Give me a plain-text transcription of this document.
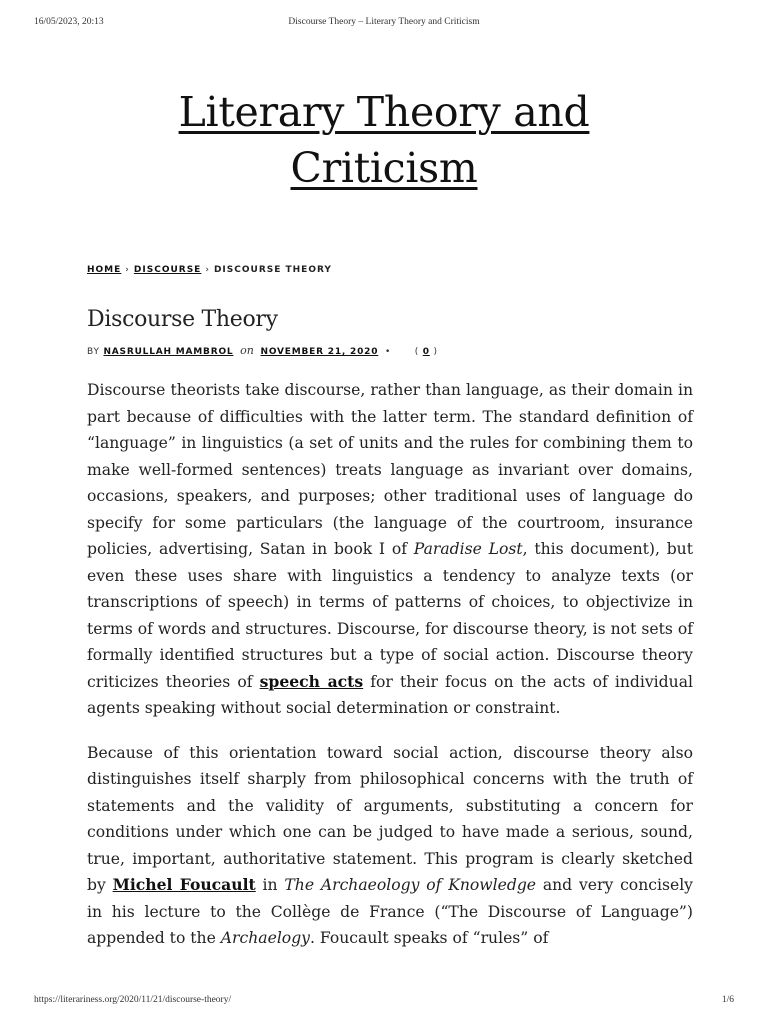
16/05/2023, 20:13	Discourse Theory – Literary Theory and Criticism
Literary Theory and
Criticism
HOME › DISCOURSE › DISCOURSE THEORY
Discourse Theory
BY NASRULLAH MAMBROL on NOVEMBER 21, 2020 •	( 0 )

Discourse theorists take discourse, rather than language, as their domain in part because of difficulties with the latter term. The standard definition of “language” in linguistics (a set of units and the rules for combining them to make well-formed sentences) treats language as invariant over domains, occasions, speakers, and purposes; other traditional uses of language do specify for some particulars (the language of the courtroom, insurance policies, advertising, Satan in book I of Paradise Lost, this document), but even these uses share with linguistics a tendency to analyze texts (or transcriptions of speech) in terms of patterns of choices, to objectivize in terms of words and structures. Discourse, for discourse theory, is not sets of formally identified structures but a type of social action. Discourse theory criticizes theories of speech acts for their focus on the acts of individual agents speaking without social determination or constraint.

Because of this orientation toward social action, discourse theory also distinguishes itself sharply from philosophical concerns with the truth of statements and the validity of arguments, substituting a concern for conditions under which one can be judged to have made a serious, sound, true, important, authoritative statement. This program is clearly sketched by Michel Foucault in The Archaeology of Knowledge and very concisely in his lecture to the Collège de France (“The Discourse of Language”) appended to the Archaelogy. Foucault speaks of “rules” of

https://literariness.org/2020/11/21/discourse-theory/	1/6
